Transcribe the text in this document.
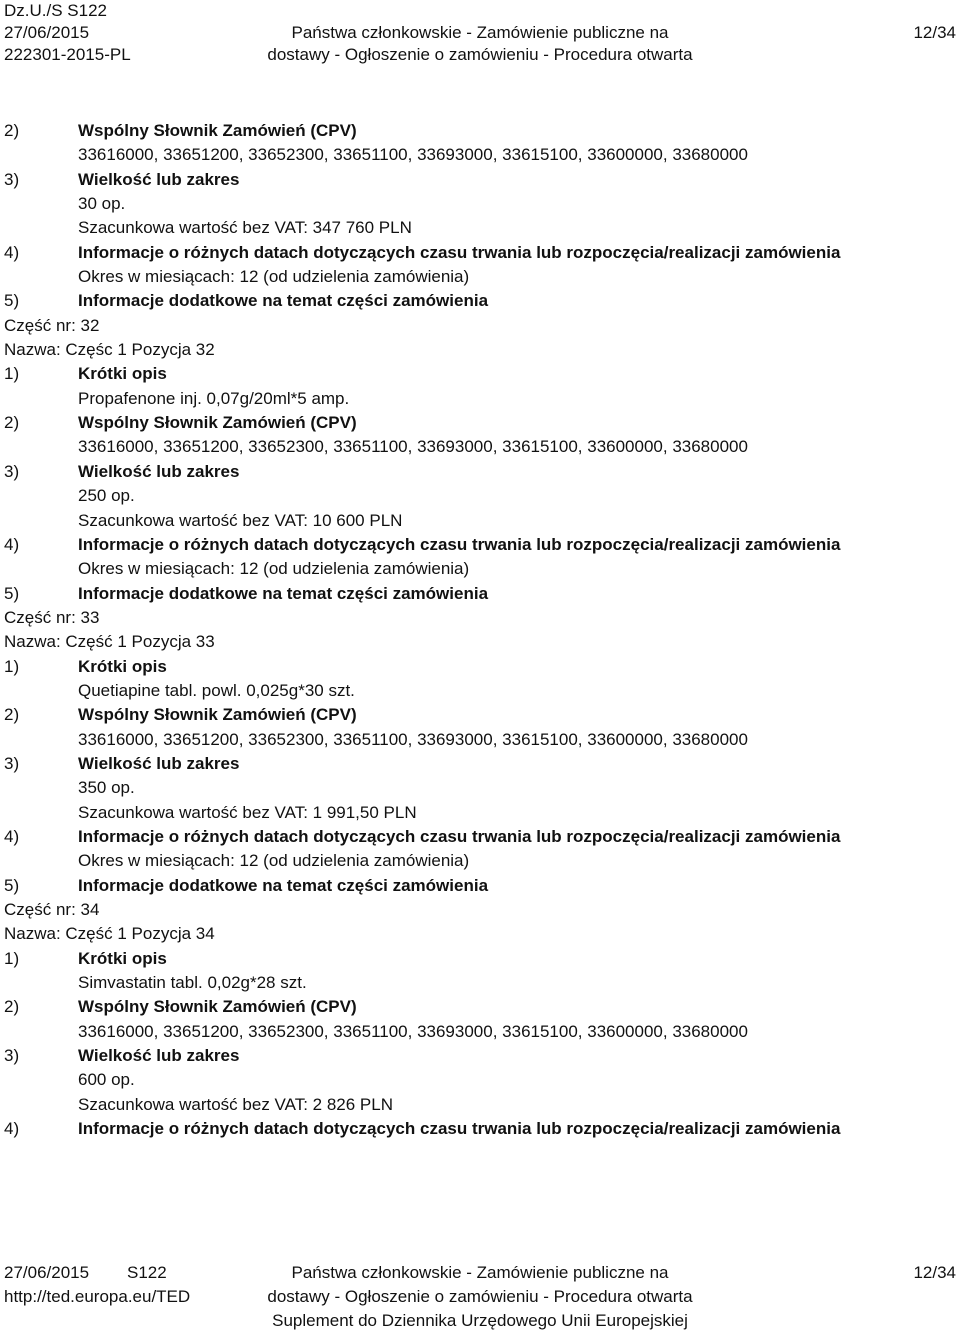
Dz.U./S S122
27/06/2015
222301-2015-PL
Państwa członkowskie - Zamówienie publiczne na
dostawy - Ogłoszenie o zamówieniu - Procedura otwarta
12/34
2)	Wspólny Słownik Zamówień (CPV)
33616000, 33651200, 33652300, 33651100, 33693000, 33615100, 33600000, 33680000
3)	Wielkość lub zakres
30 op.
Szacunkowa wartość bez VAT: 347 760 PLN
4)	Informacje o różnych datach dotyczących czasu trwania lub rozpoczęcia/realizacji zamówienia
Okres w miesiącach: 12 (od udzielenia zamówienia)
5)	Informacje dodatkowe na temat części zamówienia
Część nr: 32
Nazwa: Częśc 1 Pozycja 32
1)	Krótki opis
Propafenone inj. 0,07g/20ml*5 amp.
2)	Wspólny Słownik Zamówień (CPV)
33616000, 33651200, 33652300, 33651100, 33693000, 33615100, 33600000, 33680000
3)	Wielkość lub zakres
250 op.
Szacunkowa wartość bez VAT: 10 600 PLN
4)	Informacje o różnych datach dotyczących czasu trwania lub rozpoczęcia/realizacji zamówienia
Okres w miesiącach: 12 (od udzielenia zamówienia)
5)	Informacje dodatkowe na temat części zamówienia
Część nr: 33
Nazwa: Część 1 Pozycja 33
1)	Krótki opis
Quetiapine tabl. powl. 0,025g*30 szt.
2)	Wspólny Słownik Zamówień (CPV)
33616000, 33651200, 33652300, 33651100, 33693000, 33615100, 33600000, 33680000
3)	Wielkość lub zakres
350 op.
Szacunkowa wartość bez VAT: 1 991,50 PLN
4)	Informacje o różnych datach dotyczących czasu trwania lub rozpoczęcia/realizacji zamówienia
Okres w miesiącach: 12 (od udzielenia zamówienia)
5)	Informacje dodatkowe na temat części zamówienia
Część nr: 34
Nazwa: Część 1 Pozycja 34
1)	Krótki opis
Simvastatin tabl. 0,02g*28 szt.
2)	Wspólny Słownik Zamówień (CPV)
33616000, 33651200, 33652300, 33651100, 33693000, 33615100, 33600000, 33680000
3)	Wielkość lub zakres
600 op.
Szacunkowa wartość bez VAT: 2 826 PLN
4)	Informacje o różnych datach dotyczących czasu trwania lub rozpoczęcia/realizacji zamówienia
27/06/2015 S122
http://ted.europa.eu/TED
Państwa członkowskie - Zamówienie publiczne na
dostawy - Ogłoszenie o zamówieniu - Procedura otwarta
Suplement do Dziennika Urzędowego Unii Europejskiej
12/34
